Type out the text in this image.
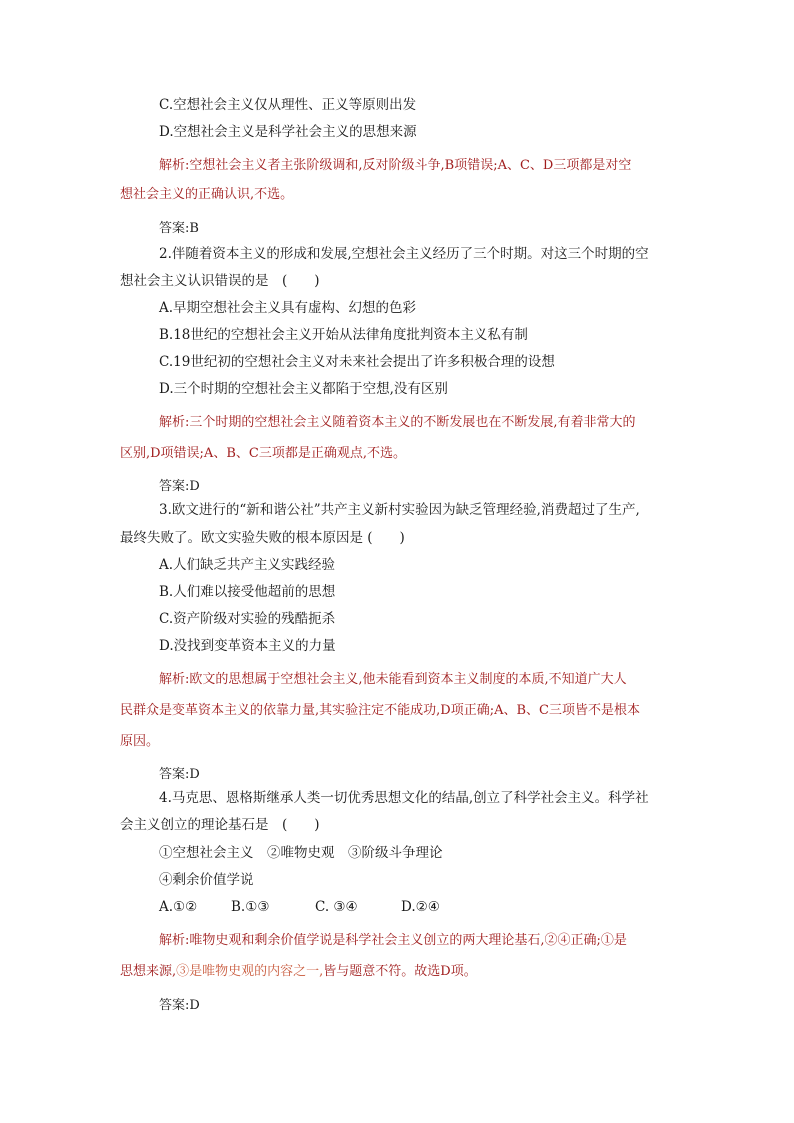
C.空想社会主义仅从理性、正义等原则出发
D.空想社会主义是科学社会主义的思想来源
解析:空想社会主义者主张阶级调和,反对阶级斗争,B项错误;A、C、D三项都是对空
想社会主义的正确认识,不选。
答案:B
2.伴随着资本主义的形成和发展,空想社会主义经历了三个时期。对这三个时期的空
想社会主义认识错误的是　(　　)
A.早期空想社会主义具有虚构、幻想的色彩
B.18世纪的空想社会主义开始从法律角度批判资本主义私有制
C.19世纪初的空想社会主义对未来社会提出了许多积极合理的设想
D.三个时期的空想社会主义都陷于空想,没有区别
解析:三个时期的空想社会主义随着资本主义的不断发展也在不断发展,有着非常大的
区别,D项错误;A、B、C三项都是正确观点,不选。
答案:D
3.欧文进行的“新和谐公社”共产主义新村实验因为缺乏管理经验,消费超过了生产,
最终失败了。欧文实验失败的根本原因是 (　　)
A.人们缺乏共产主义实践经验
B.人们难以接受他超前的思想
C.资产阶级对实验的残酷扼杀
D.没找到变革资本主义的力量
解析:欧文的思想属于空想社会主义,他未能看到资本主义制度的本质,不知道广大人
民群众是变革资本主义的依靠力量,其实验注定不能成功,D项正确;A、B、C三项皆不是根本
原因。
答案:D
4.马克思、恩格斯继承人类一切优秀思想文化的结晶,创立了科学社会主义。科学社
会主义创立的理论基石是　(　　)
①空想社会主义　②唯物史观　③阶级斗争理论
④剩余价值学说
A.①②	B.①③	C. ③④	D.②④
解析:唯物史观和剩余价值学说是科学社会主义创立的两大理论基石,②④正确;①是
思想来源,③是唯物史观的内容之一,皆与题意不符。故选D项。
答案:D
